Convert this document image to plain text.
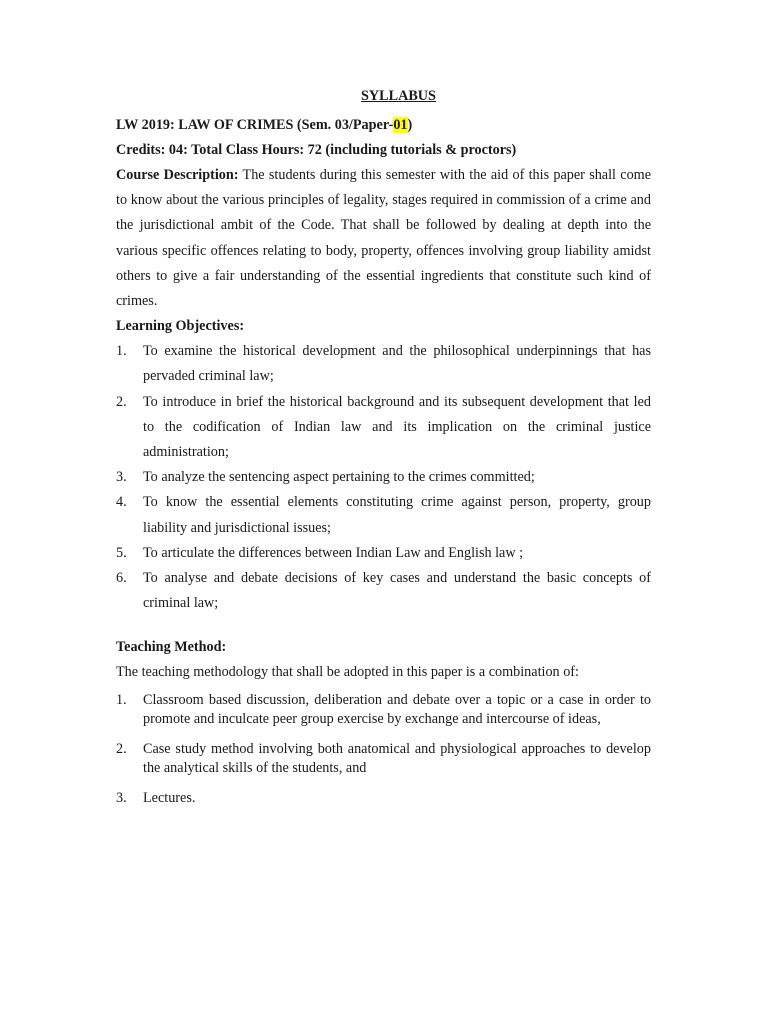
SYLLABUS

LW 2019: LAW OF CRIMES (Sem. 03/Paper-01)

Credits: 04: Total Class Hours: 72 (including tutorials & proctors)

Course Description: The students during this semester with the aid of this paper shall come to know about the various principles of legality, stages required in commission of a crime and the jurisdictional ambit of the Code. That shall be followed by dealing at depth into the various specific offences relating to body, property, offences involving group liability amidst others to give a fair understanding of the essential ingredients that constitute such kind of crimes.

Learning Objectives:

1. To examine the historical development and the philosophical underpinnings that has pervaded criminal law;
2. To introduce in brief the historical background and its subsequent development that led to the codification of Indian law and its implication on the criminal justice administration;
3. To analyze the sentencing aspect pertaining to the crimes committed;
4. To know the essential elements constituting crime against person, property, group liability and jurisdictional issues;
5. To articulate the differences between Indian Law and English law ;
6. To analyse and debate decisions of key cases and understand the basic concepts of criminal law;

Teaching Method:

The teaching methodology that shall be adopted in this paper is a combination of:

1. Classroom based discussion, deliberation and debate over a topic or a case in order to promote and inculcate peer group exercise by exchange and intercourse of ideas,
2. Case study method involving both anatomical and physiological approaches to develop the analytical skills of the students, and
3. Lectures.
